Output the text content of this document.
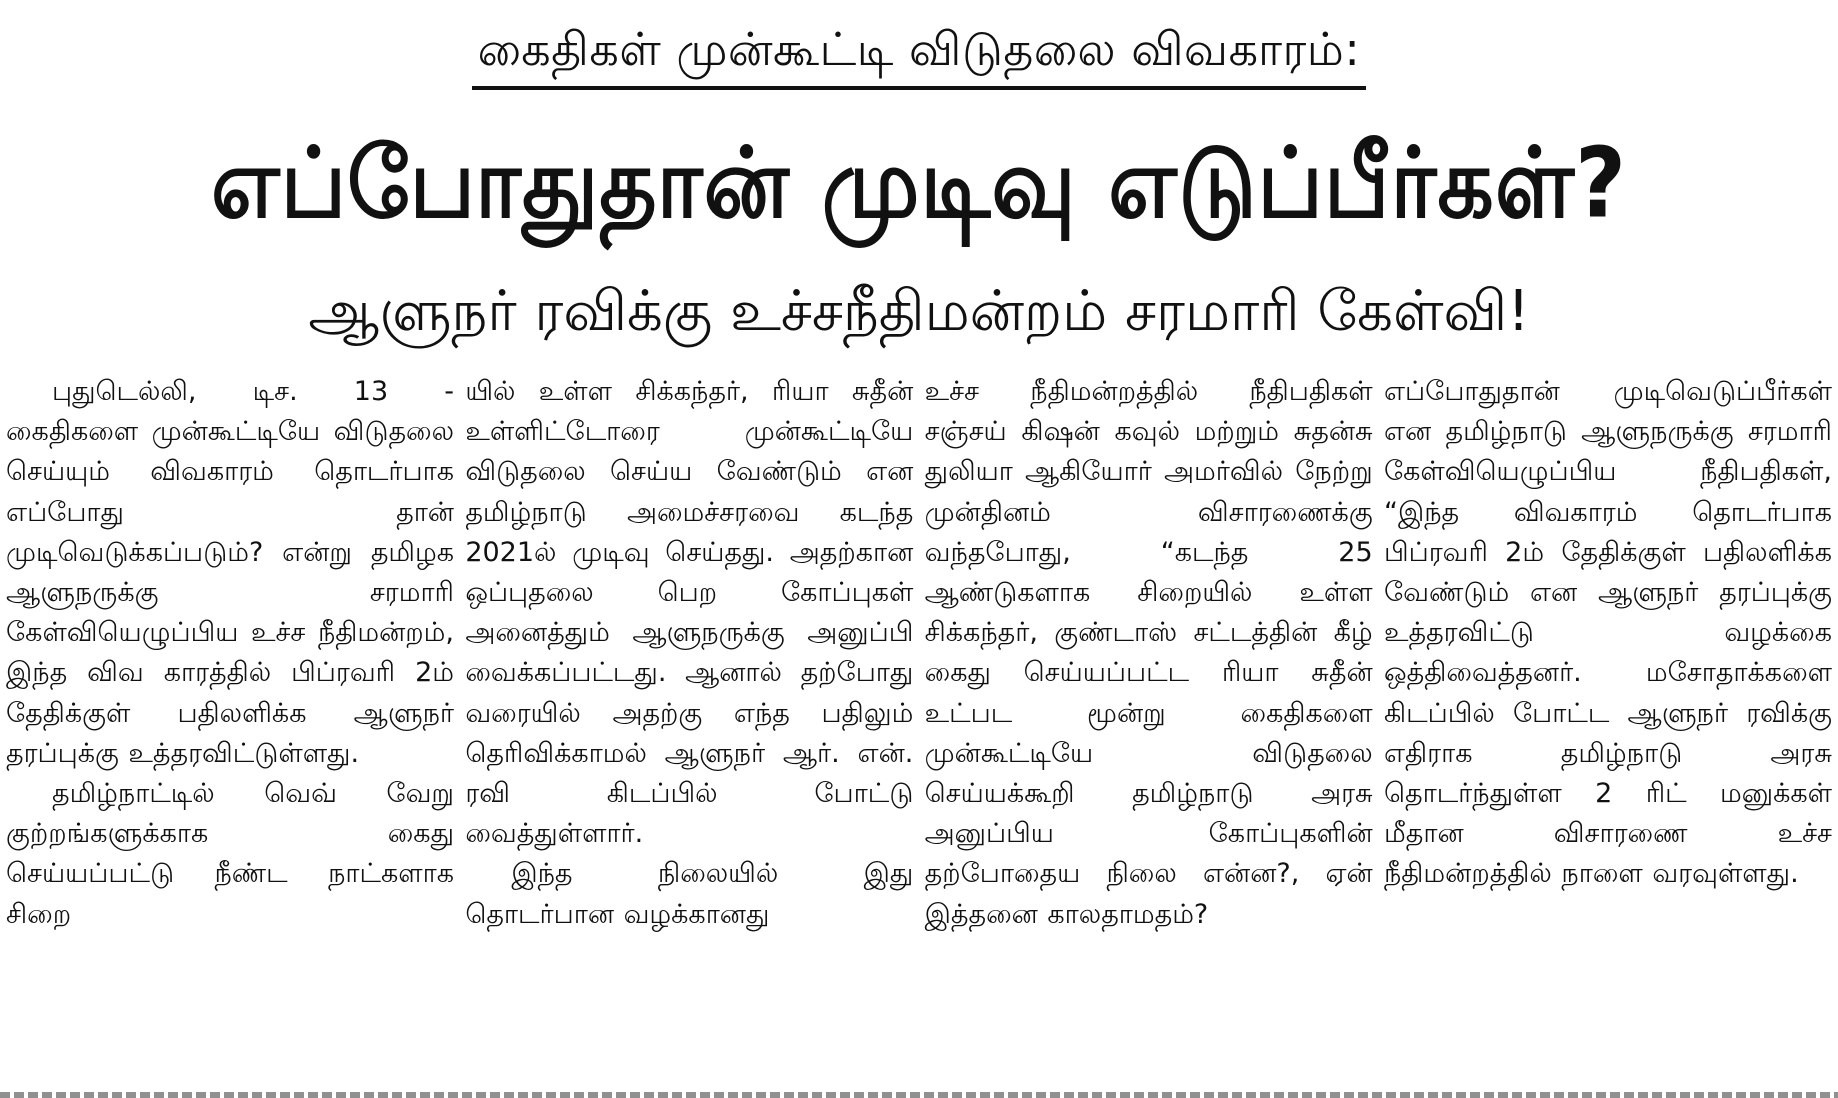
கைதிகள் முன்கூட்டி விடுதலை விவகாரம்:
எப்போதுதான் முடிவு எடுப்பீர்கள்?
ஆளுநர் ரவிக்கு உச்சநீதிமன்றம் சரமாரி கேள்வி!

புதுடெல்லி, டிச. 13 - கைதிகளை முன்கூட்டியே விடுதலை செய்யும் விவகாரம் தொடர்பாக எப்போது தான் முடிவெடுக்கப்படும்? என்று தமிழக ஆளுநருக்கு சரமாரி கேள்வியெழுப்பிய உச்ச நீதிமன்றம், இந்த விவ காரத்தில் பிப்ரவரி 2ம் தேதிக்குள் பதிலளிக்க ஆளுநர் தரப்புக்கு உத்தரவிட்டுள்ளது.

தமிழ்நாட்டில் வெவ் வேறு குற்றங்களுக்காக கைது செய்யப்பட்டு நீண்ட நாட்களாக சிறை

யில் உள்ள சிக்கந்தர், ரியா சுதீன் உள்ளிட்டோரை முன்கூட்டியே விடுதலை செய்ய வேண்டும் என தமிழ்நாடு அமைச்சரவை கடந்த 2021ல் முடிவு செய்தது. அதற்கான ஒப்புதலை பெற கோப்புகள் அனைத்தும் ஆளுநருக்கு அனுப்பி வைக்கப்பட்டது. ஆனால் தற்போது வரையில் அதற்கு எந்த பதிலும் தெரிவிக்காமல் ஆளுநர் ஆர். என். ரவி கிடப்பில் போட்டு வைத்துள்ளார்.

இந்த நிலையில் இது தொடர்பான வழக்கானது

உச்ச நீதிமன்றத்தில் நீதிபதிகள் சஞ்சய் கிஷன் கவுல் மற்றும் சுதன்சு துலியா ஆகியோர் அமர்வில் நேற்று முன்தினம் விசாரணைக்கு வந்தபோது, “கடந்த 25 ஆண்டுகளாக சிறையில் உள்ள சிக்கந்தர், குண்டாஸ் சட்டத்தின் கீழ் கைது செய்யப்பட்ட ரியா சுதீன் உட்பட மூன்று கைதிகளை முன்கூட்டியே விடுதலை செய்யக்கூறி தமிழ்நாடு அரசு அனுப்பிய கோப்புகளின் தற்போதைய நிலை என்ன?, ஏன் இத்தனை காலதாமதம்?

எப்போதுதான் முடிவெடுப்பீர்கள் என தமிழ்நாடு ஆளுநருக்கு சரமாரி கேள்வியெழுப்பிய நீதிபதிகள், “இந்த விவகாரம் தொடர்பாக பிப்ரவரி 2ம் தேதிக்குள் பதிலளிக்க வேண்டும் என ஆளுநர் தரப்புக்கு உத்தரவிட்டு வழக்கை ஒத்திவைத்தனர். மசோதாக்களை கிடப்பில் போட்ட ஆளுநர் ரவிக்கு எதிராக தமிழ்நாடு அரசு தொடர்ந்துள்ள 2 ரிட் மனுக்கள் மீதான விசாரணை உச்ச நீதிமன்றத்தில் நாளை வரவுள்ளது.
